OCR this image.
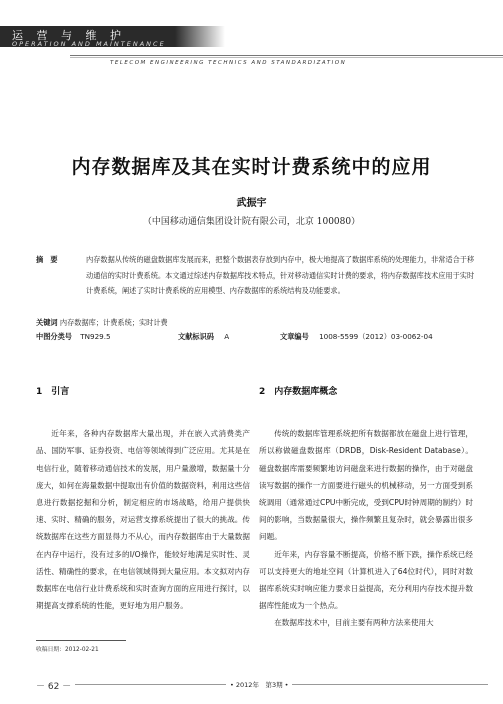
运 营 与 维 护
OPERATION AND MAINTENANCE
TELECOM ENGINEERING TECHNICS AND STANDARDIZATION
内存数据库及其在实时计费系统中的应用
武振宇
（中国移动通信集团设计院有限公司，北京 100080）
摘　要	内存数据从传统的磁盘数据库发展而来，把整个数据表存放到内存中，极大地提高了数据库系统的处理能力，非常适合于移动通信的实时计费系统。本文通过综述内存数据库技术特点，针对移动通信实时计费的要求，将内存数据库技术应用于实时计费系统，阐述了实时计费系统的应用模型、内存数据库的系统结构及功能要求。
关键词 内存数据库；计费系统；实时计费
中图分类号 TN929.5	文献标识码 A	文章编号 1008-5599（2012）03-0062-04
1　引言

近年来，各种内存数据库大量出现，并在嵌入式消费类产品、国防军事、证券投资、电信等领域得到广泛应用。尤其是在电信行业，随着移动通信技术的发展，用户量激增，数据量十分庞大，如何在海量数据中提取出有价值的数据资料，利用这些信息进行数据挖掘和分析，制定相应的市场战略，给用户提供快速、实时、精确的服务，对运营支撑系统提出了很大的挑战。传统数据库在这些方面显得力不从心，而内存数据库由于大量数据在内存中运行，没有过多的I/O操作，能较好地满足实时性、灵活性、精确性的要求，在电信领域得到大量应用。本文拟对内存数据库在电信行业计费系统和实时查询方面的应用进行探讨，以期提高支撑系统的性能，更好地为用户服务。

2　内存数据库概念

传统的数据库管理系统把所有数据都放在磁盘上进行管理，所以称做磁盘数据库（DRDB，Disk-Resident Database）。磁盘数据库需要频繁地访问磁盘来进行数据的操作，由于对磁盘读写数据的操作一方面要进行磁头的机械移动，另一方面受到系统调用（通常通过CPU中断完成，受到CPU时钟周期的制约）时间的影响，当数据量很大，操作频繁且复杂时，就会暴露出很多问题。

近年来，内存容量不断提高，价格不断下跌，操作系统已经可以支持更大的地址空间（计算机进入了64位时代），同时对数据库系统实时响应能力要求日益提高，充分利用内存技术提升数据库性能成为一个热点。

在数据库技术中，目前主要有两种方法来使用大

收稿日期：2012-02-21
－ 62 －	• 2012年　第3期 •
